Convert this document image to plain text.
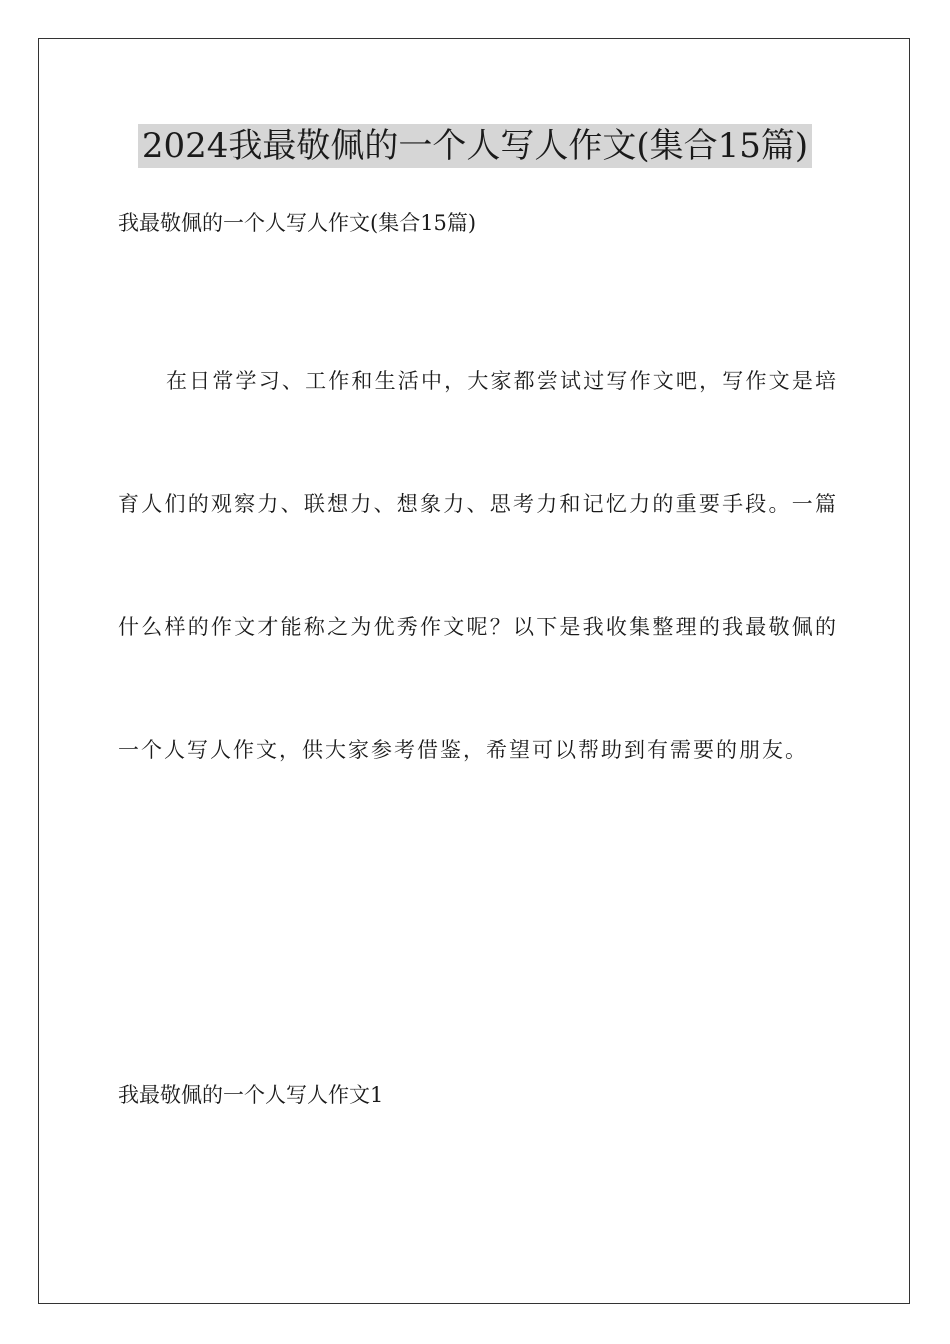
2024我最敬佩的一个人写人作文(集合15篇)

我最敬佩的一个人写人作文(集合15篇)

在日常学习、工作和生活中，大家都尝试过写作文吧，写作文是培育人们的观察力、联想力、想象力、思考力和记忆力的重要手段。一篇什么样的作文才能称之为优秀作文呢？以下是我收集整理的我最敬佩的一个人写人作文，供大家参考借鉴，希望可以帮助到有需要的朋友。

我最敬佩的一个人写人作文1
